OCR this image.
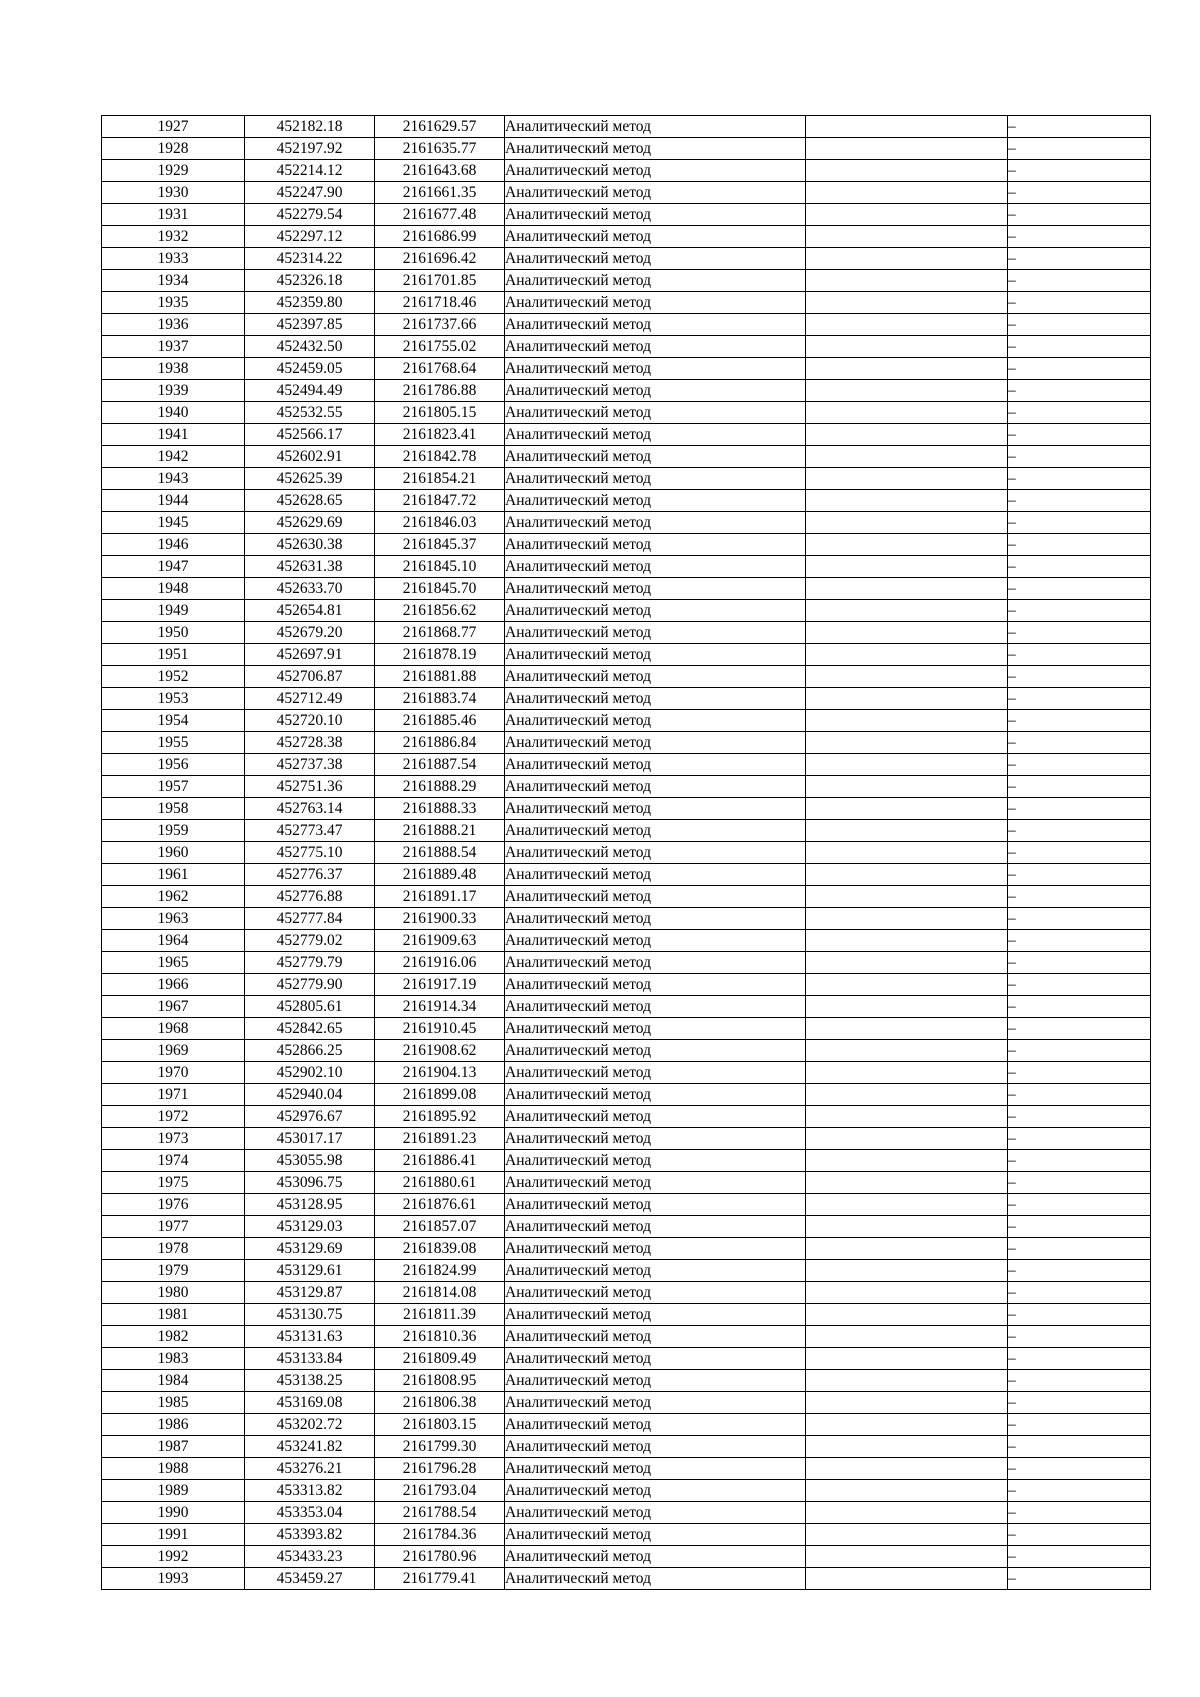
1927	452182.18	2161629.57	Аналитический метод		–
1928	452197.92	2161635.77	Аналитический метод		–
1929	452214.12	2161643.68	Аналитический метод		–
1930	452247.90	2161661.35	Аналитический метод		–
1931	452279.54	2161677.48	Аналитический метод		–
1932	452297.12	2161686.99	Аналитический метод		–
1933	452314.22	2161696.42	Аналитический метод		–
1934	452326.18	2161701.85	Аналитический метод		–
1935	452359.80	2161718.46	Аналитический метод		–
1936	452397.85	2161737.66	Аналитический метод		–
1937	452432.50	2161755.02	Аналитический метод		–
1938	452459.05	2161768.64	Аналитический метод		–
1939	452494.49	2161786.88	Аналитический метод		–
1940	452532.55	2161805.15	Аналитический метод		–
1941	452566.17	2161823.41	Аналитический метод		–
1942	452602.91	2161842.78	Аналитический метод		–
1943	452625.39	2161854.21	Аналитический метод		–
1944	452628.65	2161847.72	Аналитический метод		–
1945	452629.69	2161846.03	Аналитический метод		–
1946	452630.38	2161845.37	Аналитический метод		–
1947	452631.38	2161845.10	Аналитический метод		–
1948	452633.70	2161845.70	Аналитический метод		–
1949	452654.81	2161856.62	Аналитический метод		–
1950	452679.20	2161868.77	Аналитический метод		–
1951	452697.91	2161878.19	Аналитический метод		–
1952	452706.87	2161881.88	Аналитический метод		–
1953	452712.49	2161883.74	Аналитический метод		–
1954	452720.10	2161885.46	Аналитический метод		–
1955	452728.38	2161886.84	Аналитический метод		–
1956	452737.38	2161887.54	Аналитический метод		–
1957	452751.36	2161888.29	Аналитический метод		–
1958	452763.14	2161888.33	Аналитический метод		–
1959	452773.47	2161888.21	Аналитический метод		–
1960	452775.10	2161888.54	Аналитический метод		–
1961	452776.37	2161889.48	Аналитический метод		–
1962	452776.88	2161891.17	Аналитический метод		–
1963	452777.84	2161900.33	Аналитический метод		–
1964	452779.02	2161909.63	Аналитический метод		–
1965	452779.79	2161916.06	Аналитический метод		–
1966	452779.90	2161917.19	Аналитический метод		–
1967	452805.61	2161914.34	Аналитический метод		–
1968	452842.65	2161910.45	Аналитический метод		–
1969	452866.25	2161908.62	Аналитический метод		–
1970	452902.10	2161904.13	Аналитический метод		–
1971	452940.04	2161899.08	Аналитический метод		–
1972	452976.67	2161895.92	Аналитический метод		–
1973	453017.17	2161891.23	Аналитический метод		–
1974	453055.98	2161886.41	Аналитический метод		–
1975	453096.75	2161880.61	Аналитический метод		–
1976	453128.95	2161876.61	Аналитический метод		–
1977	453129.03	2161857.07	Аналитический метод		–
1978	453129.69	2161839.08	Аналитический метод		–
1979	453129.61	2161824.99	Аналитический метод		–
1980	453129.87	2161814.08	Аналитический метод		–
1981	453130.75	2161811.39	Аналитический метод		–
1982	453131.63	2161810.36	Аналитический метод		–
1983	453133.84	2161809.49	Аналитический метод		–
1984	453138.25	2161808.95	Аналитический метод		–
1985	453169.08	2161806.38	Аналитический метод		–
1986	453202.72	2161803.15	Аналитический метод		–
1987	453241.82	2161799.30	Аналитический метод		–
1988	453276.21	2161796.28	Аналитический метод		–
1989	453313.82	2161793.04	Аналитический метод		–
1990	453353.04	2161788.54	Аналитический метод		–
1991	453393.82	2161784.36	Аналитический метод		–
1992	453433.23	2161780.96	Аналитический метод		–
1993	453459.27	2161779.41	Аналитический метод		–
